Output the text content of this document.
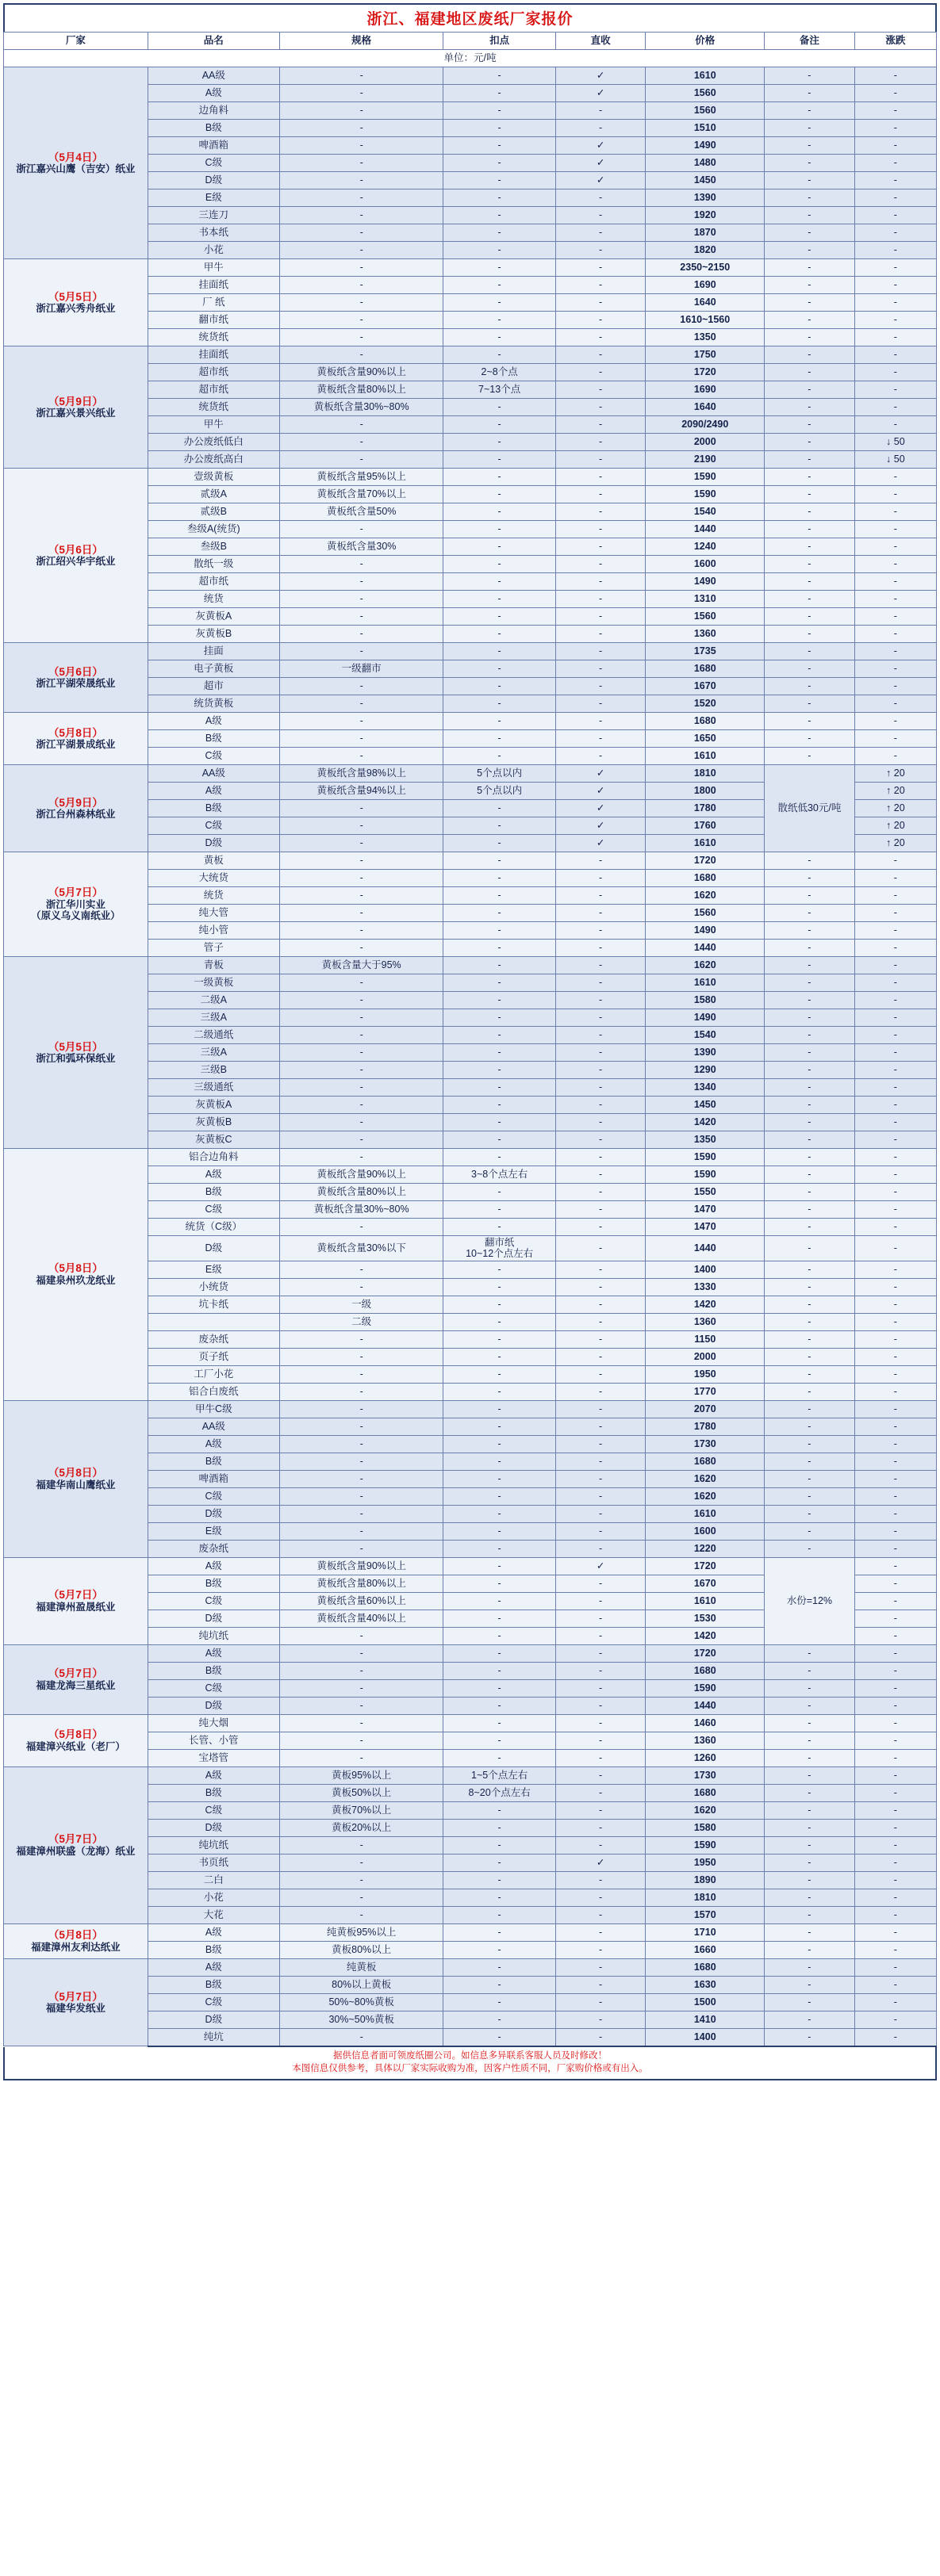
浙江、福建地区废纸厂家报价
厂家	品名	规格	扣点	直收	价格	备注	涨跌
单位：元/吨							

（5月4日）
浙江嘉兴山鹰（吉安）纸业	AA级	-	-	✓	1610	-	-
	A级	-	-	✓	1560	-	-
	边角料	-	-	-	1560	-	-
	B级	-	-	-	1510	-	-
	啤酒箱	-	-	✓	1490	-	-
	C级	-	-	✓	1480	-	-
	D级	-	-	✓	1450	-	-
	E级	-	-	-	1390	-	-
	三连刀	-	-	-	1920	-	-
	书本纸	-	-	-	1870	-	-
	小花	-	-	-	1820	-	-

（5月5日）
浙江嘉兴秀舟纸业	甲牛	-	-	-	2350~2150	-	-
	挂面纸	-	-	-	1690	-	-
	厂 纸	-	-	-	1640	-	-
	翻市纸	-	-	-	1610~1560	-	-
	统货纸	-	-	-	1350	-	-

（5月9日）
浙江嘉兴景兴纸业	挂面纸	-	-	-	1750	-	-
	超市纸	黄板纸含量90%以上	2~8个点	-	1720	-	-
	超市纸	黄板纸含量80%以上	7~13个点	-	1690	-	-
	统货纸	黄板纸含量30%~80%	-	-	1640	-	-
	甲牛	-	-	-	2090/2490	-	-
	办公废纸低白	-	-	-	2000	-	↓ 50
	办公废纸高白	-	-	-	2190	-	↓ 50

（5月6日）
浙江绍兴华宇纸业	壹级黄板	黄板纸含量95%以上	-	-	1590	-	-
	贰级A	黄板纸含量70%以上	-	-	1590	-	-
	贰级B	黄板纸含量50%	-	-	1540	-	-
	叁级A(统货)	-	-	-	1440	-	-
	叁级B	黄板纸含量30%	-	-	1240	-	-
	散纸一级	-	-	-	1600	-	-
	超市纸	-	-	-	1490	-	-
	统货	-	-	-	1310	-	-
	灰黄板A	-	-	-	1560	-	-
	灰黄板B	-	-	-	1360	-	-

（5月6日）
浙江平湖荣晟纸业	挂面	-	-	-	1735	-	-
	电子黄板	一级翻市	-	-	1680	-	-
	超市	-	-	-	1670	-	-
	统货黄板	-	-	-	1520	-	-

（5月8日）
浙江平湖景成纸业	A级	-	-	-	1680	-	-
	B级	-	-	-	1650	-	-
	C级	-	-	-	1610	-	-

（5月9日）
浙江台州森林纸业	AA级	黄板纸含量98%以上	5个点以内	✓	1810	散纸低30元/吨	↑ 20
	A级	黄板纸含量94%以上	5个点以内	✓	1800		↑ 20
	B级	-	-	✓	1780		↑ 20
	C级	-	-	✓	1760		↑ 20
	D级	-	-	✓	1610		↑ 20

（5月7日）
浙江华川实业
（原义乌义南纸业）	黄板	-	-	-	1720	-	-
	大统货	-	-	-	1680	-	-
	统货	-	-	-	1620	-	-
	纯大管	-	-	-	1560	-	-
	纯小管	-	-	-	1490	-	-
	管子	-	-	-	1440	-	-

（5月5日）
浙江和弧环保纸业	青板	黄板含量大于95%	-	-	1620	-	-
	一级黄板	-	-	-	1610	-	-
	二级A	-	-	-	1580	-	-
	三级A	-	-	-	1490	-	-
	二级通纸	-	-	-	1540	-	-
	三级A	-	-	-	1390	-	-
	三级B	-	-	-	1290	-	-
	三级通纸	-	-	-	1340	-	-
	灰黄板A	-	-	-	1450	-	-
	灰黄板B	-	-	-	1420	-	-
	灰黄板C	-	-	-	1350	-	-

（5月8日）
福建泉州玖龙纸业	铝合边角料	-	-	-	1590	-	-
	A级	黄板纸含量90%以上	3~8个点左右	-	1590	-	-
	B级	黄板纸含量80%以上	-	-	1550	-	-
	C级	黄板纸含量30%~80%	-	-	1470	-	-
	统货（C级）	-	-	-	1470	-	-
	D级	黄板纸含量30%以下	翻市纸
10~12个点左右	-	1440	-	-
	E级	-	-	-	1400	-	-
	小统货	-	-	-	1330	-	-
	坑卡纸	一级	-	-	1420	-	-
		二级	-	-	1360	-	-
	废杂纸	-	-	-	1150	-	-
	页子纸	-	-	-	2000	-	-
	工厂小花	-	-	-	1950	-	-
	铝合白废纸	-	-	-	1770	-	-

（5月8日）
福建华南山鹰纸业	甲牛C级	-	-	-	2070	-	-
	AA级	-	-	-	1780	-	-
	A级	-	-	-	1730	-	-
	B级	-	-	-	1680	-	-
	啤酒箱	-	-	-	1620	-	-
	C级	-	-	-	1620	-	-
	D级	-	-	-	1610	-	-
	E级	-	-	-	1600	-	-
	废杂纸	-	-	-	1220	-	-

（5月7日）
福建漳州盈晟纸业	A级	黄板纸含量90%以上	-	✓	1720	水份=12%	-
	B级	黄板纸含量80%以上	-	-	1670		-
	C级	黄板纸含量60%以上	-	-	1610		-
	D级	黄板纸含量40%以上	-	-	1530		-
	纯坑纸	-	-	-	1420		-

（5月7日）
福建龙海三星纸业	A级	-	-	-	1720	-	-
	B级	-	-	-	1680	-	-
	C级	-	-	-	1590	-	-
	D级	-	-	-	1440	-	-

（5月8日）
福建漳兴纸业（老厂）	纯大烟	-	-	-	1460	-	-
	长管、小管	-	-	-	1360	-	-
	宝塔管	-	-	-	1260	-	-

（5月7日）
福建漳州联盛（龙海）纸业	A级	黄板95%以上	1~5个点左右	-	1730	-	-
	B级	黄板50%以上	8~20个点左右	-	1680	-	-
	C级	黄板70%以上	-	-	1620	-	-
	D级	黄板20%以上	-	-	1580	-	-
	纯坑纸	-	-	-	1590	-	-
	书页纸	-	-	✓	1950	-	-
	二白	-	-	-	1890	-	-
	小花	-	-	-	1810	-	-
	大花	-	-	-	1570	-	-

（5月8日）
福建漳州友利达纸业	A级	纯黄板95%以上	-	-	1710	-	-
	B级	黄板80%以上	-	-	1660	-	-

（5月7日）
福建华发纸业	A级	纯黄板	-	-	1680	-	-
	B级	80%以上黄板	-	-	1630	-	-
	C级	50%~80%黄板	-	-	1500	-	-
	D级	30%~50%黄板	-	-	1410	-	-
	纯坑	-	-	-	1400	-	-
据供信息者面可领废纸圈公司。如信息多异联系客服人员及时修改！
本图信息仅供参考，具体以厂家实际收购为准，因客户性质不同，厂家购价格或有出入。
